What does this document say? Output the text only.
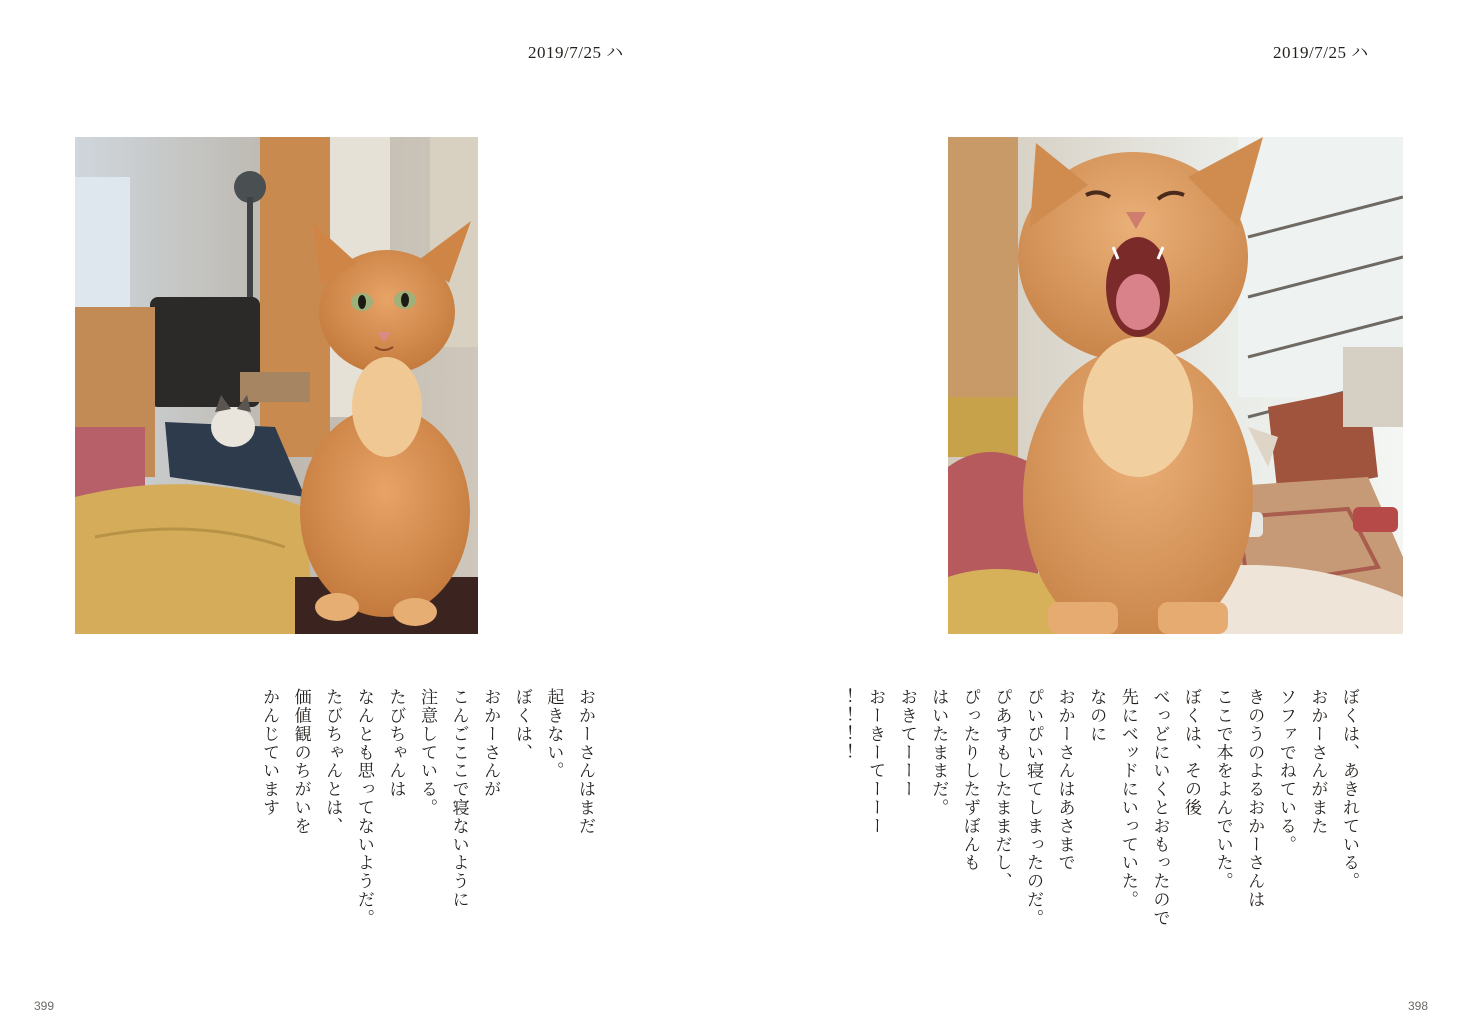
2019/7/25 ハ
おかーさんはまだ
起きない。
ぼくは、
おかーさんが
こんごここで寝ないように
注意している。
たびちゃんは
なんとも思ってないようだ。
たびちゃんとは、
価値観のちがいを
かんじています
399
2019/7/25 ハ
ぼくは、あきれている。
おかーさんがまた
ソファでねている。
きのうのよるおかーさんは
ここで本をよんでいた。
ぼくは、その後
べっどにいくとおもったので
先にベッドにいっていた。
なのに
おかーさんはあさまで
ぴいぴい寝てしまったのだ。
ぴあすもしたままだし、
ぴったりしたずぼんも
はいたままだ。
おきてーーー
おーきーてーーー
！！！！
398
